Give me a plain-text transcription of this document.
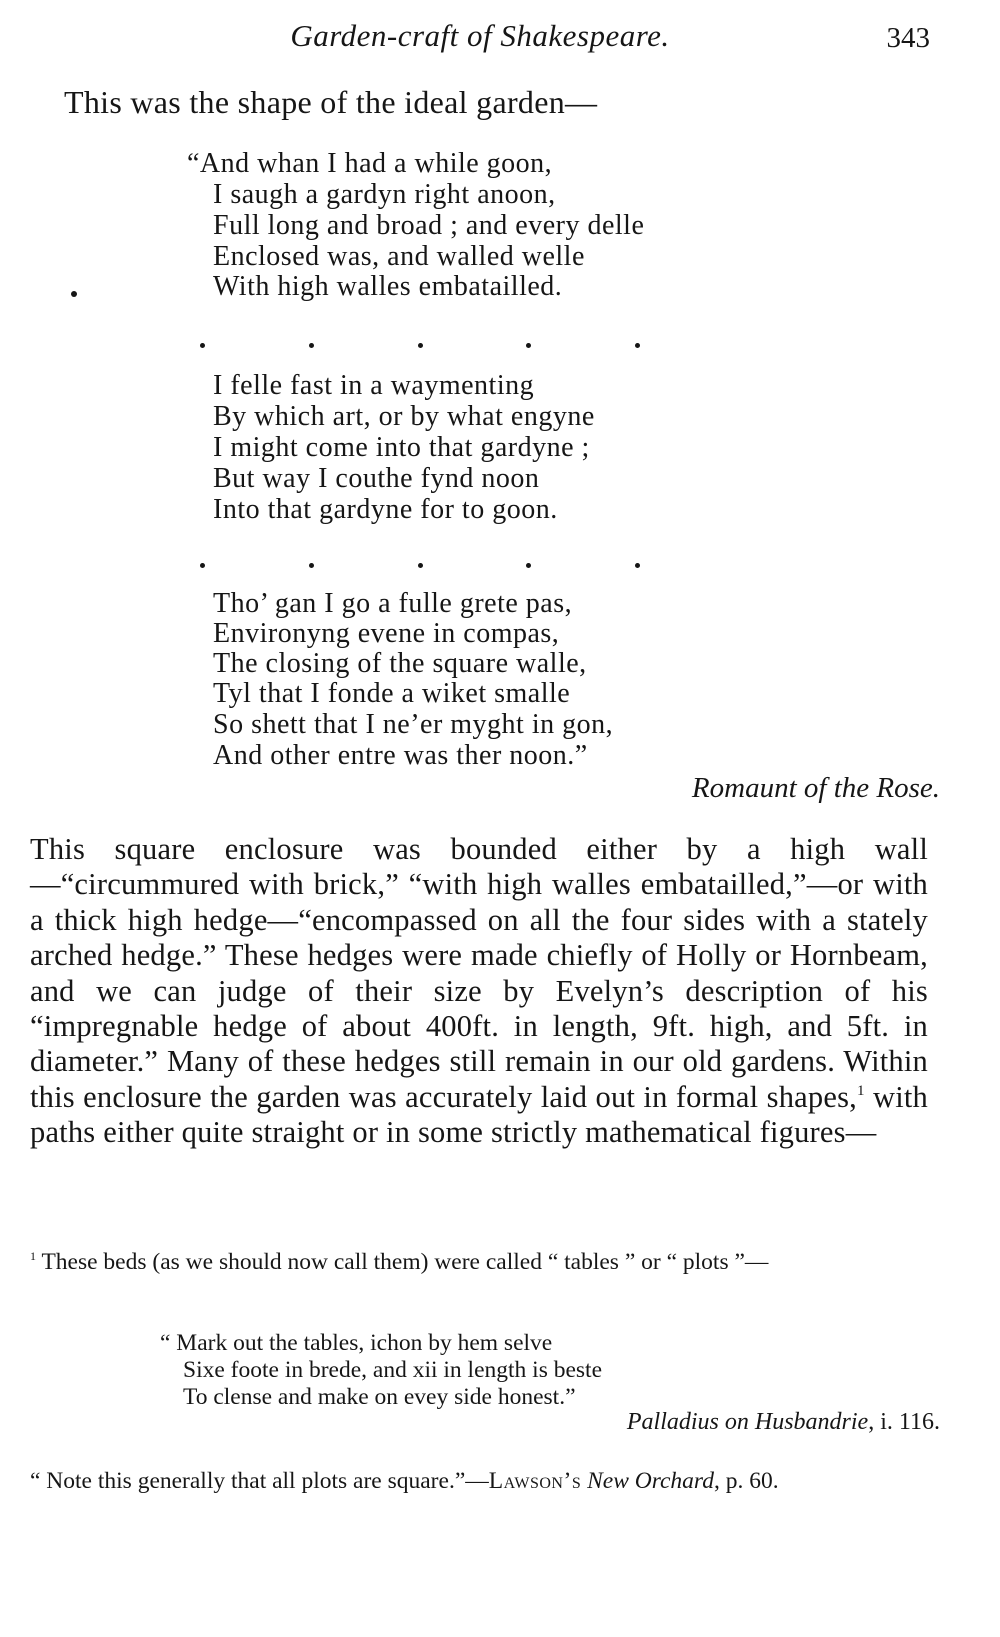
Garden-craft of Shakespeare.	343
This was the shape of the ideal garden—
“And whan I had a while goon,
I saugh a gardyn right anoon,
Full long and broad ; and every delle
Enclosed was, and walled welle
With high walles embatailled.
I felle fast in a waymenting
By which art, or by what engyne
I might come into that gardyne ;
But way I couthe fynd noon
Into that gardyne for to goon.
Tho’ gan I go a fulle grete pas,
Environyng evene in compas,
The closing of the square walle,
Tyl that I fonde a wiket smalle
So shett that I ne’er myght in gon,
And other entre was ther noon.”
Romaunt of the Rose.
This square enclosure was bounded either by a high wall —“circummured with brick,” “with high walles embatailled,”—or with a thick high hedge—“encompassed on all the four sides with a stately arched hedge.” These hedges were made chiefly of Holly or Hornbeam, and we can judge of their size by Evelyn’s description of his “impregnable hedge of about 400ft. in length, 9ft. high, and 5ft. in diameter.” Many of these hedges still remain in our old gardens. Within this enclosure the garden was accurately laid out in formal shapes,$^1$ with paths either quite straight or in some strictly mathematical figures—
$^1$ These beds (as we should now call them) were called “ tables ” or “ plots ”—
“ Mark out the tables, ichon by hem selve
Sixe foote in brede, and xii in length is beste
To clense and make on evey side honest.”
Palladius on Husbandrie, i. 116.
“ Note this generally that all plots are square.”—Lawson’s New Orchard, p. 60.
